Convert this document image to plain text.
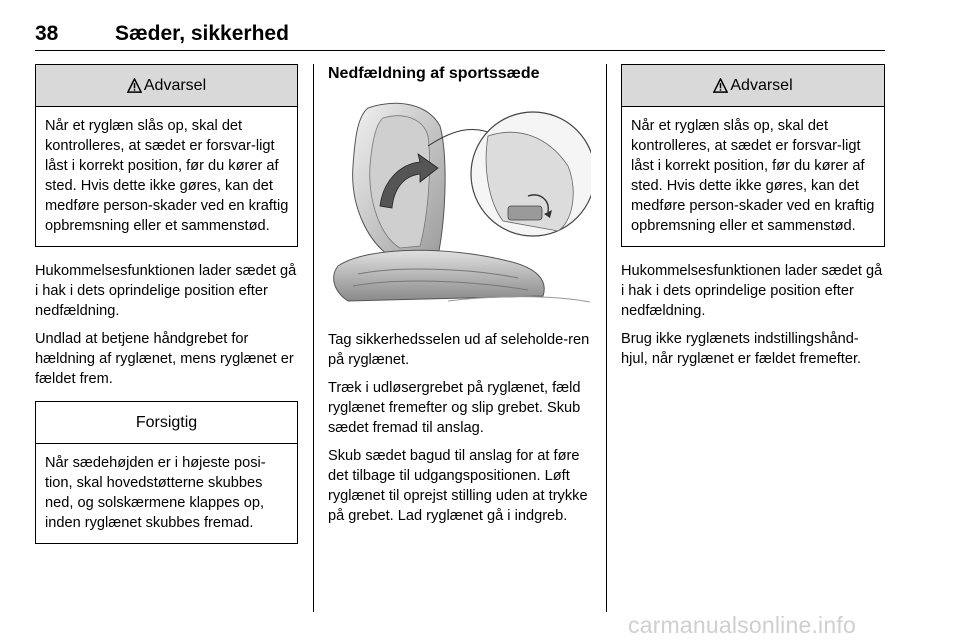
38	Sæder, sikkerhed
Advarsel
Når et ryglæn slås op, skal det kontrolleres, at sædet er forsvar-ligt låst i korrekt position, før du kører af sted. Hvis dette ikke gøres, kan det medføre person-skader ved en kraftig opbremsning eller et sammenstød.

Hukommelsesfunktionen lader sædet gå i hak i dets oprindelige position efter nedfældning.

Undlad at betjene håndgrebet for hældning af ryglænet, mens ryglænet er fældet frem.

Forsigtig
Når sædehøjden er i højeste posi-tion, skal hovedstøtterne skubbes ned, og solskærmene klappes op, inden ryglænet skubbes fremad.
Nedfældning af sportssæde

Tag sikkerhedsselen ud af seleholde-ren på ryglænet.

Træk i udløsergrebet på ryglænet, fæld ryglænet fremefter og slip grebet. Skub sædet fremad til anslag.

Skub sædet bagud til anslag for at føre det tilbage til udgangspositionen. Løft ryglænet til oprejst stilling uden at trykke på grebet. Lad ryglænet gå i indgreb.

Advarsel
Når et ryglæn slås op, skal det kontrolleres, at sædet er forsvar-ligt låst i korrekt position, før du kører af sted. Hvis dette ikke gøres, kan det medføre person-skader ved en kraftig opbremsning eller et sammenstød.

Hukommelsesfunktionen lader sædet gå i hak i dets oprindelige position efter nedfældning.

Brug ikke ryglænets indstillingshånd-hjul, når ryglænet er fældet fremefter.

carmanualsonline.info
